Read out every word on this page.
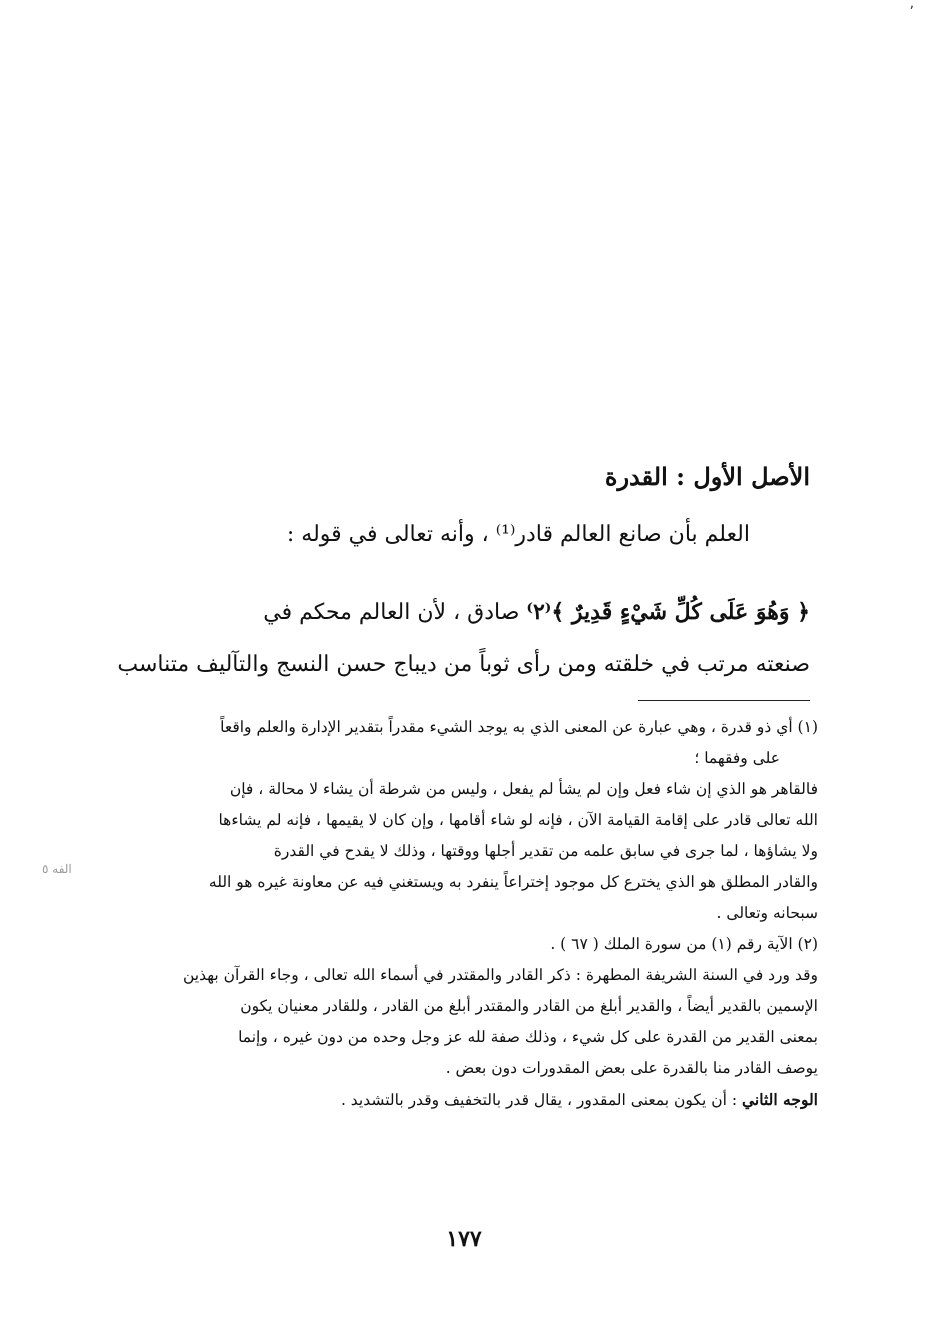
٬
الأصل الأول : القدرة
العلم بأن صانع العالم قادر⁽¹⁾ ، وأنه تعالى في قوله :
﴿ وَهُوَ عَلَى كُلِّ شَيْءٍ قَدِيرٌ ﴾⁽٢⁾ صادق ، لأن العالم محكم في
صنعته مرتب في خلقته ومن رأى ثوباً من ديباج حسن النسج والتآليف متناسب
(١) أي ذو قدرة ، وهي عبارة عن المعنى الذي به يوجد الشيء مقدراً بتقدير الإدارة والعلم واقعاً
على وفقهما ؛
فالقاهر هو الذي إن شاء فعل وإن لم يشأ لم يفعل ، وليس من شرطة أن يشاء لا محالة ، فإن
الله تعالى قادر على إقامة القيامة الآن ، فإنه لو شاء أقامها ، وإن كان لا يقيمها ، فإنه لم يشاءها
ولا يشاؤها ، لما جرى في سابق علمه من تقدير أجلها ووقتها ، وذلك لا يقدح في القدرة
والقادر المطلق هو الذي يخترع كل موجود إختراعاً ينفرد به ويستغني فيه عن معاونة غيره هو الله
سبحانه وتعالى .
(٢) الآية رقم (١) من سورة الملك ( ٦٧ ) .
وقد ورد في السنة الشريفة المطهرة : ذكر القادر والمقتدر في أسماء الله تعالى ، وجاء القرآن بهذين
الإسمين بالقدير أيضاً ، والقدير أبلغ من القادر والمقتدر أبلغ من القادر ، وللقادر معنيان يكون
بمعنى القدير من القدرة على كل شيء ، وذلك صفة لله عز وجل وحده من دون غيره ، وإنما
يوصف القادر منا بالقدرة على بعض المقدورات دون بعض .
الوجه الثاني : أن يكون بمعنى المقدور ، يقال قدر بالتخفيف وقدر بالتشديد .
الفه ٥
١٧٧
